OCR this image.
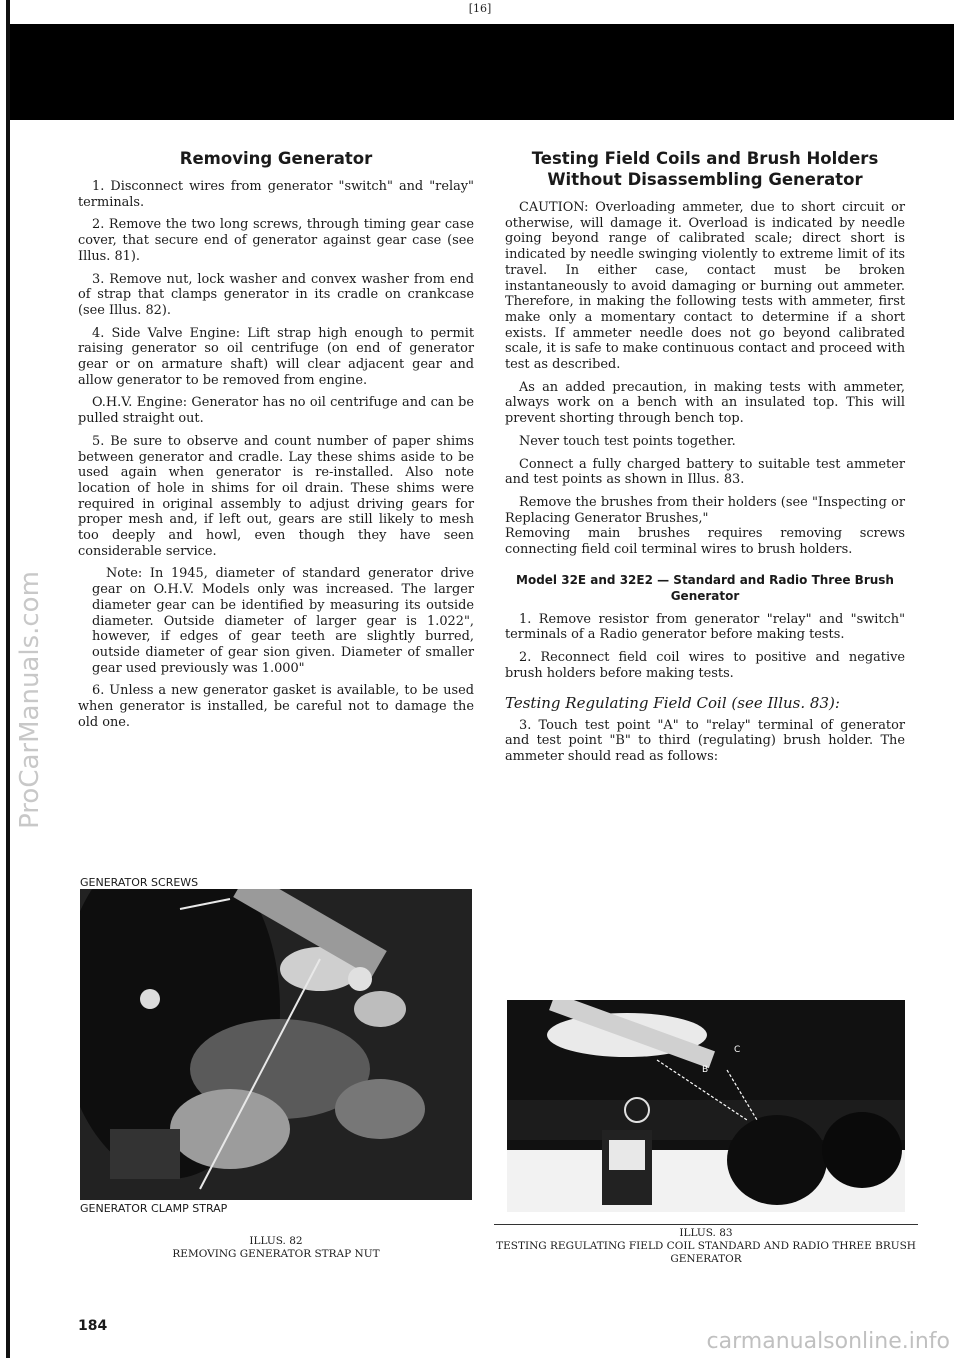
[16]
ProCarManuals.com
Removing Generator

1. Disconnect wires from generator "switch" and "relay" terminals.

2. Remove the two long screws, through timing gear case cover, that secure end of generator against gear case (see Illus. 81).

3. Remove nut, lock washer and convex washer from end of strap that clamps generator in its cradle on crankcase (see Illus. 82).

4. Side Valve Engine: Lift strap high enough to permit raising generator so oil centrifuge (on end of generator gear or on armature shaft) will clear adjacent gear and allow generator to be removed from engine.

O.H.V. Engine: Generator has no oil centrifuge and can be pulled straight out.

5. Be sure to observe and count number of paper shims between generator and cradle. Lay these shims aside to be used again when generator is re-installed. Also note location of hole in shims for oil drain. These shims were required in original assembly to adjust driving gears for proper mesh and, if left out, gears are still likely to mesh too deeply and howl, even though they have seen considerable service.

Note: In 1945, diameter of standard generator drive gear on O.H.V. Models only was increased. The larger diameter gear can be identified by measuring its outside diameter. Outside diameter of larger gear is 1.022", however, if edges of gear teeth are slightly burred, outside diameter of gear sion given. Diameter of smaller gear used previously was 1.000"

6. Unless a new generator gasket is available, to be used when generator is installed, be careful not to damage the old one.

GENERATOR SCREWS
GENERATOR CLAMP STRAP
ILLUS. 82
REMOVING GENERATOR STRAP NUT
Testing Field Coils and Brush Holders Without Disassembling Generator

CAUTION: Overloading ammeter, due to short circuit or otherwise, will damage it. Overload is indicated by needle going beyond range of calibrated scale; direct short is indicated by needle swinging violently to extreme limit of its travel. In either case, contact must be broken instantaneously to avoid damaging or burning out ammeter. Therefore, in making the following tests with ammeter, first make only a momentary contact to determine if a short exists. If ammeter needle does not go beyond calibrated scale, it is safe to make continuous contact and proceed with test as described.

As an added precaution, in making tests with ammeter, always work on a bench with an insulated top. This will prevent shorting through bench top.

Never touch test points together.

Connect a fully charged battery to suitable test ammeter and test points as shown in Illus. 83.

Remove the brushes from their holders (see "Inspecting or Replacing Generator Brushes,"

Removing main brushes requires removing screws connecting field coil terminal wires to brush holders.

Model 32E and 32E2 — Standard and Radio Three Brush Generator

1. Remove resistor from generator "relay" and "switch" terminals of a Radio generator before making tests.

2. Reconnect field coil wires to positive and negative brush holders before making tests.

Testing Regulating Field Coil (see Illus. 83):

3. Touch test point "A" to "relay" terminal of generator and test point "B" to third (regulating) brush holder. The ammeter should read as follows:

B
C
ILLUS. 83
TESTING REGULATING FIELD COIL STANDARD AND RADIO THREE BRUSH GENERATOR
184
carmanualsonline.info
